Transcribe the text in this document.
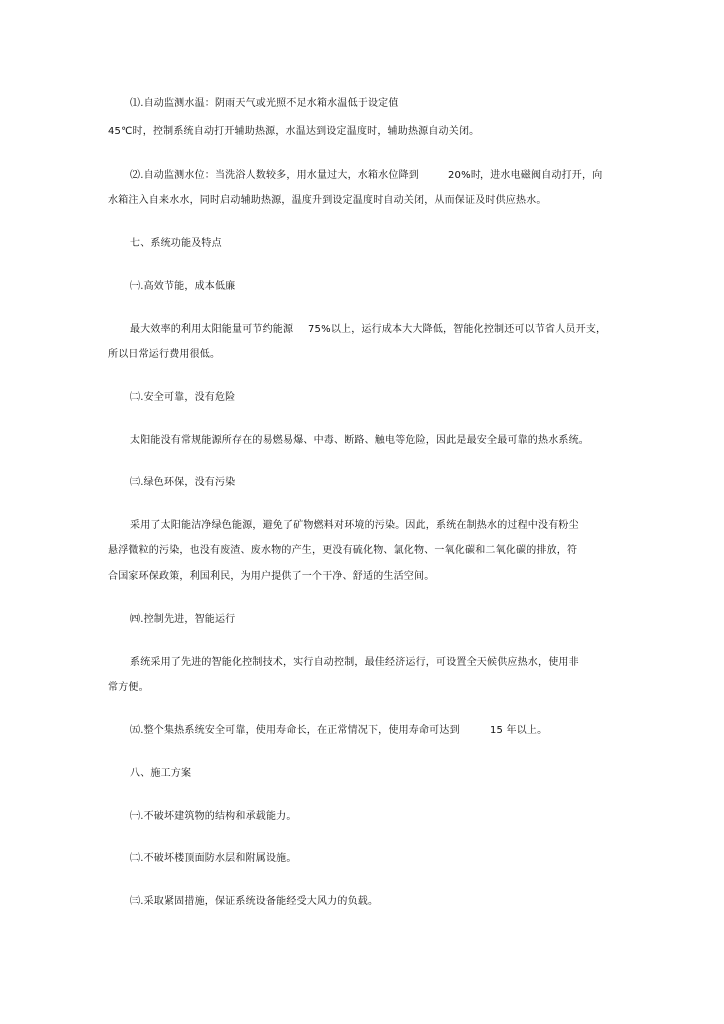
⑴.自动监测水温：阴雨天气或光照不足水箱水温低于设定值
45℃时，控制系统自动打开辅助热源，水温达到设定温度时，辅助热源自动关闭。
⑵.自动监测水位：当洗浴人数较多，用水量过大，水箱水位降到	20%时
，进水电磁阀自动打开，向
水箱注入自来水水，同时启动辅助热源，温度升到设定温度时自动关闭，从而保证及时供应热水。
七、系统功能及特点
㈠.高效节能，成本低廉
最大效率的利用太阳能量可节约能源 75%以上，运行成本大大降低，智能化控制还可以节省人员开支，
所以日常运行费用很低。
㈡.安全可靠，没有危险
太阳能没有常规能源所存在的易燃易爆、中毒、断路、触电等危险，因此是最安全最可靠的热水系统。
㈢.绿色环保，没有污染
采用了太阳能洁净绿色能源，避免了矿物燃料对环境的污染。因此，系统在制热水的过程中没有粉尘
悬浮微粒的污染，也没有废渣、废水物的产生，更没有硫化物、氯化物、一氧化碳和二氧化碳的排放，符
合国家环保政策，利国利民，为用户提供了一个干净、舒适的生活空间。
㈣.控制先进，智能运行
系统采用了先进的智能化控制技术，实行自动控制，最佳经济运行，可设置全天候供应热水，使用非
常方便。
㈤.整个集热系统安全可靠，使用寿命长，在正常情况下，使用寿命可达到	15 年以上。
八、施工方案
㈠.不破坏建筑物的结构和承载能力。
㈡.不破坏楼顶面防水层和附属设施。
㈢.采取紧固措施，保证系统设备能经受大风力的负载。
